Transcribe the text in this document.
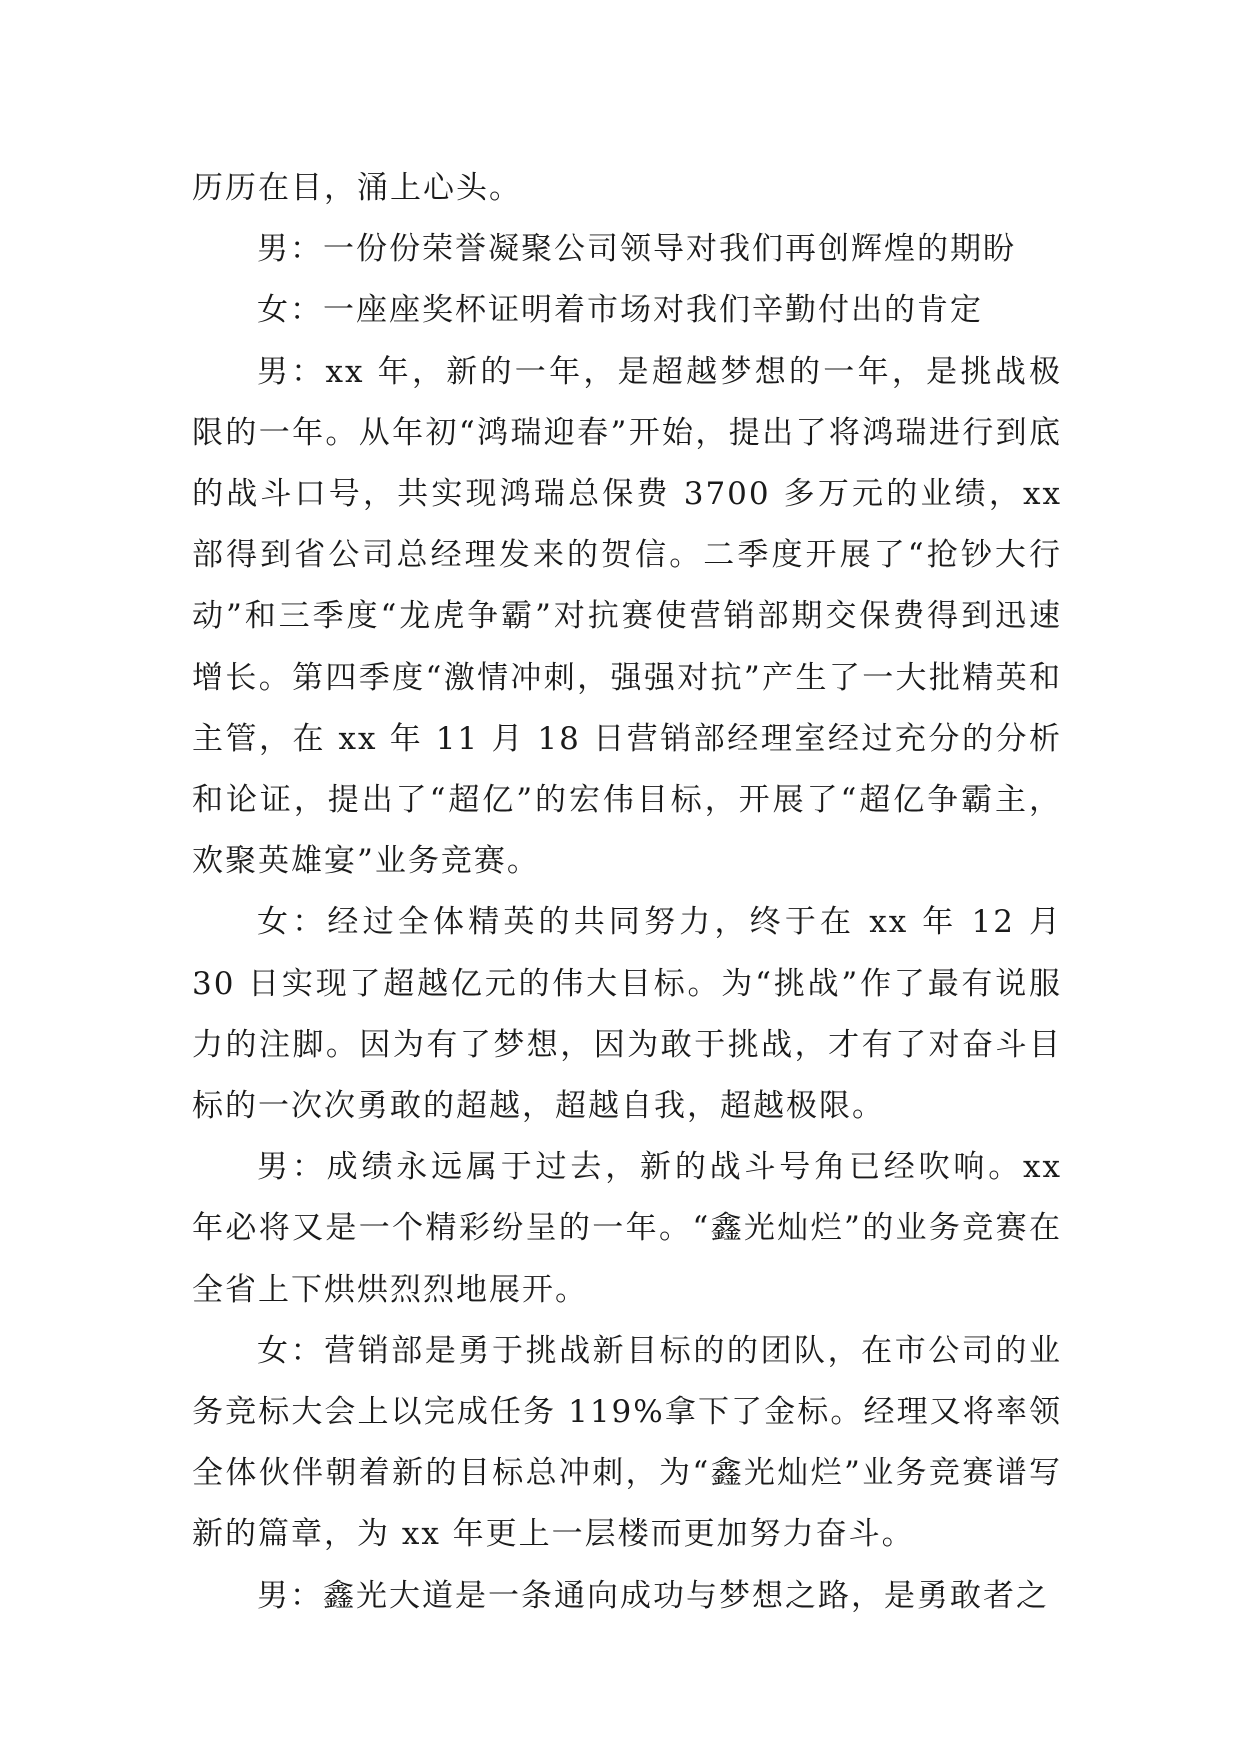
历历在目，涌上心头。

男：一份份荣誉凝聚公司领导对我们再创辉煌的期盼

女：一座座奖杯证明着市场对我们辛勤付出的肯定

男：xx 年，新的一年，是超越梦想的一年，是挑战极限的一年。从年初“鸿瑞迎春”开始，提出了将鸿瑞进行到底的战斗口号，共实现鸿瑞总保费 3700 多万元的业绩，xx 部得到省公司总经理发来的贺信。二季度开展了“抢钞大行动”和三季度“龙虎争霸”对抗赛使营销部期交保费得到迅速增长。第四季度“激情冲刺，强强对抗”产生了一大批精英和主管，在 xx 年 11 月 18 日营销部经理室经过充分的分析和论证，提出了“超亿”的宏伟目标，开展了“超亿争霸主，欢聚英雄宴”业务竞赛。

女：经过全体精英的共同努力，终于在 xx 年 12 月 30 日实现了超越亿元的伟大目标。为“挑战”作了最有说服力的注脚。因为有了梦想，因为敢于挑战，才有了对奋斗目标的一次次勇敢的超越，超越自我，超越极限。

男：成绩永远属于过去，新的战斗号角已经吹响。xx 年必将又是一个精彩纷呈的一年。“鑫光灿烂”的业务竞赛在全省上下烘烘烈烈地展开。

女：营销部是勇于挑战新目标的的团队，在市公司的业务竞标大会上以完成任务 119%拿下了金标。经理又将率领全体伙伴朝着新的目标总冲刺，为“鑫光灿烂”业务竞赛谱写新的篇章，为 xx 年更上一层楼而更加努力奋斗。

男：鑫光大道是一条通向成功与梦想之路，是勇敢者之
